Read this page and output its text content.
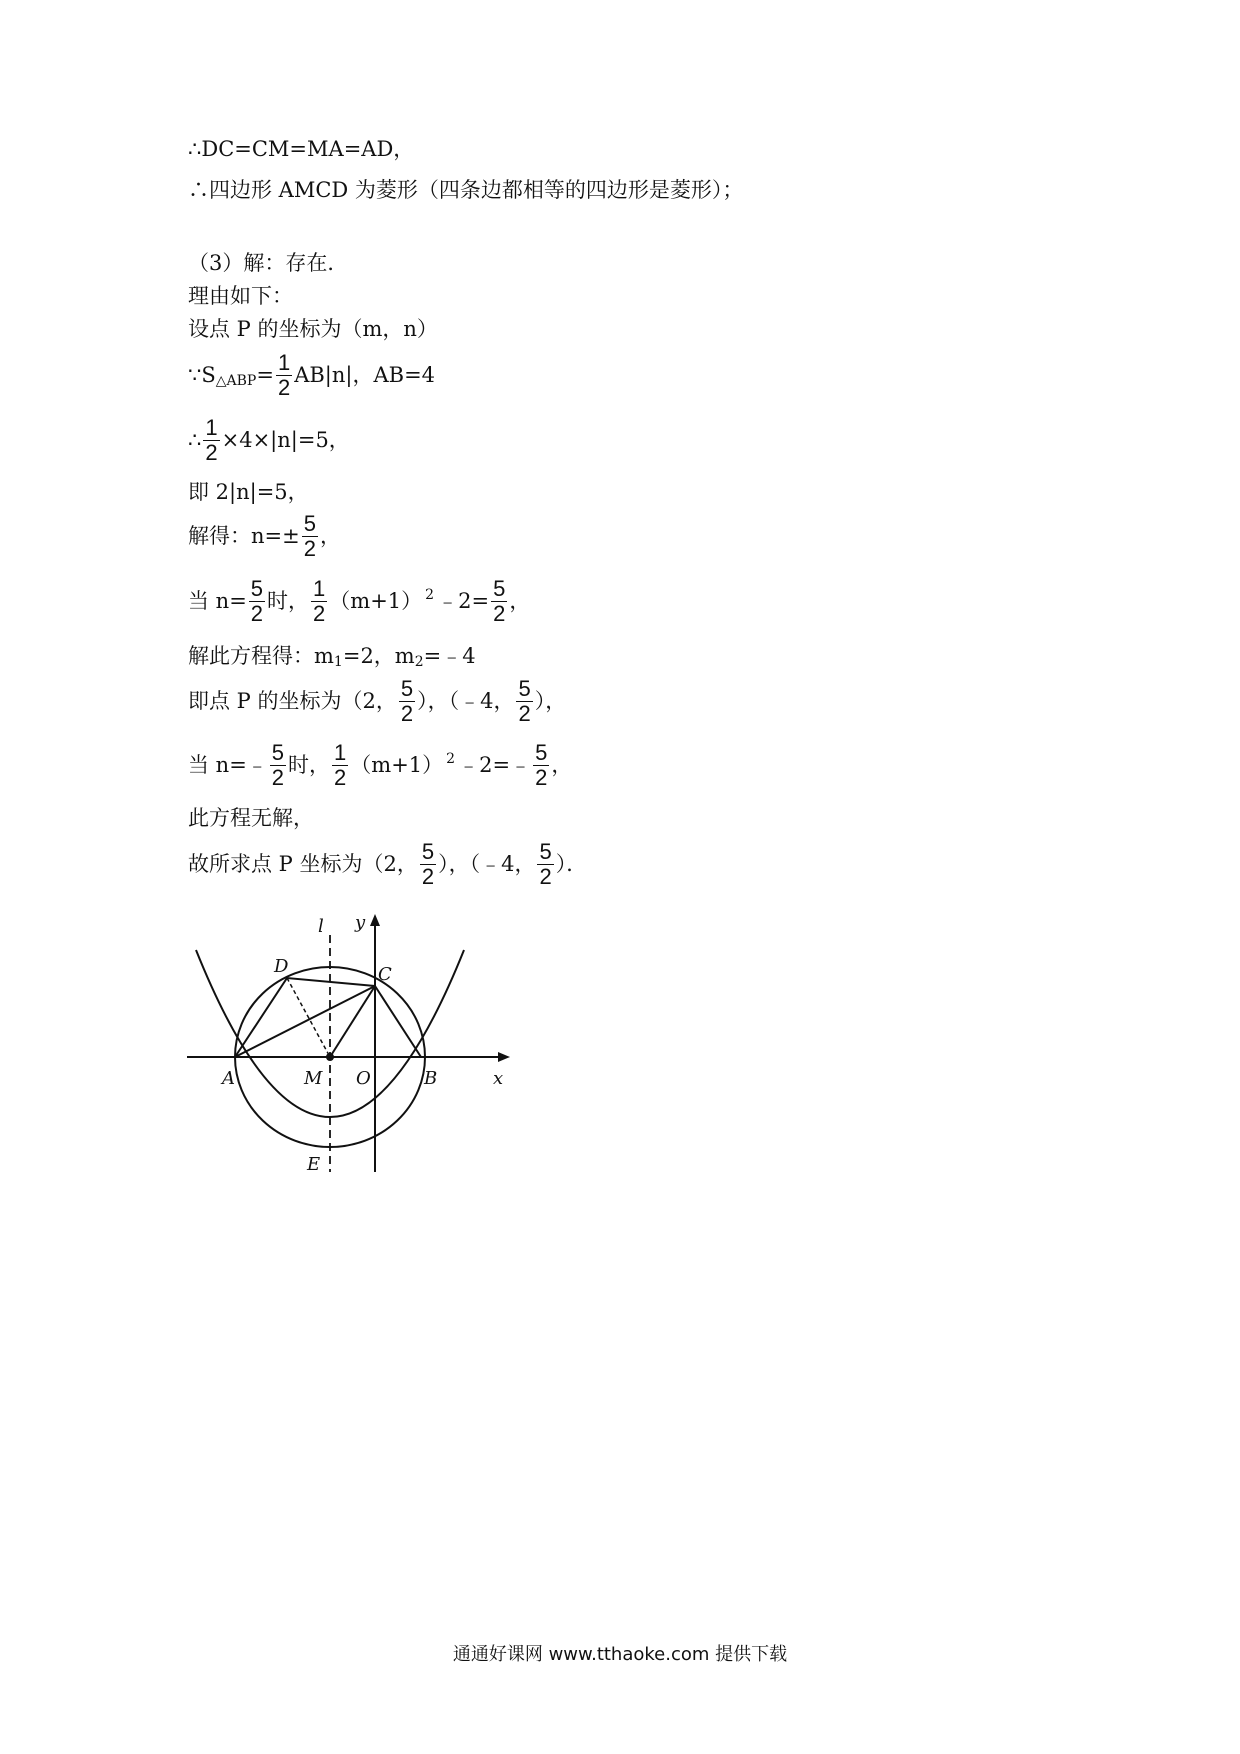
∴DC=CM=MA=AD，
∴四边形 AMCD 为菱形（四条边都相等的四边形是菱形）；
（3）解：存在．
理由如下：
设点 P 的坐标为（m，n）
∵S △ABP = $\frac{1}{2} AB|n|$，AB=4
∴ $\frac{1}{2} \times 4\times|n|=5$，
即 2|n|=5，
解得：$n=\pm \frac{5}{2}$ ，
当 $n= \frac{5}{2}$ 时， $\frac{1}{2} (m+1)$ 2 ﹣2= $\frac{5}{2}$ ，
解此方程得：m 1 =2，m 2 =﹣4
即点 P 的坐标为（2， $\frac{5}{2}$ ），（﹣4， $\frac{5}{2}$ ），
当 n=﹣ $\frac{5}{2}$ 时， $\frac{1}{2} (m+1)$ 2 ﹣2=﹣ $\frac{5}{2}$ ，
此方程无解，
故所求点 P 坐标为（2， $\frac{5}{2}$ ），（﹣4， $\frac{5}{2}$ ）．
l y
x
D	C
A	M O	B
E
通通好课网 www.tthaoke.com 提供下载
